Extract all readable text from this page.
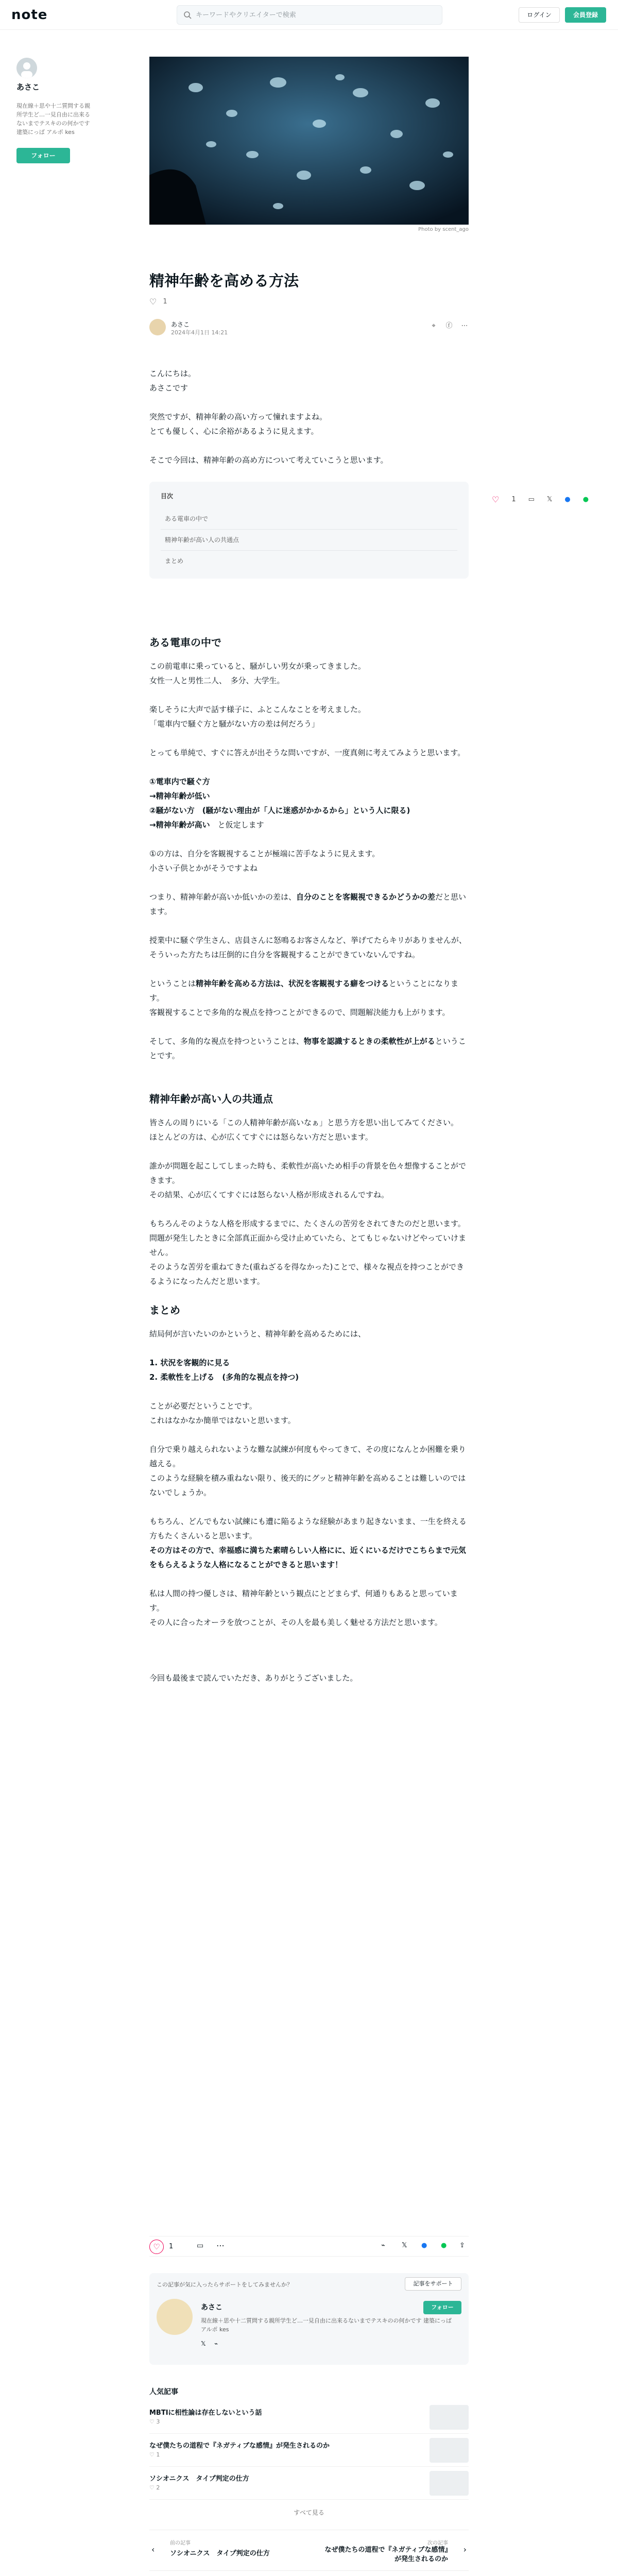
note
キーワードやクリエイターで検索	ログイン	会員登録
あさこ
現在線＋思や十二質問する親所学生ど…一見自由に出来るないまでテスキのの何かです 建築にっば アルポ kes
フォロー
♡ 1 ▭ 𝕏 ● ●
Photo by scent_ago
精神年齢を高める方法
♡ 1
あさこ
2024年4月1日 14:21
⌖	ⓕ ⋯

こんにちは。
あさこです

突然ですが、精神年齢の高い方って憧れますよね。
とても優しく、心に余裕があるように見えます。

そこで今回は、精神年齢の高め方について考えていこうと思います。

目次
ある電車の中で
精神年齢が高い人の共通点
まとめ
ある電車の中で

この前電車に乗っていると、騒がしい男女が乗ってきました。
女性一人と男性二人、　多分、大学生。

楽しそうに大声で話す様子に、ふとこんなことを考えました。
「電車内で騒ぐ方と騒がない方の差は何だろう」

とっても単純で、すぐに答えが出そうな問いですが、一度真剣に考えてみようと思います。

①電車内で騒ぐ方
→精神年齢が低い
②騒がない方　(騒がない理由が「人に迷惑がかかるから」という人に限る)
→精神年齢が高い　 と仮定します

①の方は、自分を客観視することが極端に苦手なように見えます。
小さい子供とかがそうですよね

つまり、精神年齢が高いか低いかの差は、自分のことを客観視できるかどうかの差だと思います。

授業中に騒ぐ学生さん、店員さんに怒鳴るお客さんなど、挙げてたらキリがありませんが、そういった方たちは圧倒的に自分を客観視することができていないんですね。

ということは精神年齢を高める方法は、状況を客観視する癖をつけるということになります。
客観視することで多角的な視点を持つことができるので、問題解決能力も上がります。

そして、多角的な視点を持つということは、物事を認識するときの柔軟性が上がるということです。

精神年齢が高い人の共通点

皆さんの周りにいる「この人精神年齢が高いなぁ」と思う方を思い出してみてください。
ほとんどの方は、心が広くてすぐには怒らない方だと思います。

誰かが問題を起こしてしまった時も、柔軟性が高いため相手の背景を色々想像することができます。
その結果、心が広くてすぐには怒らない人格が形成されるんですね。

もちろんそのような人格を形成するまでに、たくさんの苦労をされてきたのだと思います。
問題が発生したときに全部真正面から受け止めていたら、とてもじゃないけどやっていけません。
そのような苦労を重ねてきた(重ねざるを得なかった)ことで、様々な視点を持つことができるようになったんだと思います。

まとめ

結局何が言いたいのかというと、精神年齢を高めるためには、

1. 状況を客観的に見る
2. 柔軟性を上げる　(多角的な視点を持つ)

ことが必要だということです。
これはなかなか簡単ではないと思います。

自分で乗り越えられないような難な試練が何度もやってきて、その度になんとか困難を乗り越える。
このような経験を積み重ねない限り、後天的にグッと精神年齢を高めることは難しいのではないでしょうか。

もちろん、どんでもない試練にも遭に陥るような経験があまり起きないまま、一生を終える方もたくさんいると思います。
その方はその方で、幸福感に満ちた素晴らしい人格にに、近くにいるだけでこちらまで元気をもらえるような人格になることができると思います！

私は人間の持つ優しさは、精神年齢という観点にとどまらず、何通りもあると思っています。
その人に合ったオーラを放つことが、その人を最も美しく魅せる方法だと思います。

今回も最後まで読んでいただき、ありがとうございました。

♡	1	▭ ⋯	⌁ 𝕏 ● ● ⇪
この記事が気に入ったらサポートをしてみませんか？	記事をサポート
あさこ	フォロー
現在線＋思や十二質問する親所学生ど…一見自由に出来るないまでテスキのの何かです 建築にっば アルポ kes
𝕏 ⌁
人気記事
MBTIに相性論は存在しないという話
♡ 3
なぜ僕たちの道程で『ネガティブな感情』が発生されるのか
♡ 1
ソシオニクス　タイプ判定の仕方
♡ 2
すべて見る
‹
前の記事
ソシオニクス　タイプ判定の仕方
次の記事
なぜ僕たちの道程で『ネガティブな感情』が発生されるのか
›
